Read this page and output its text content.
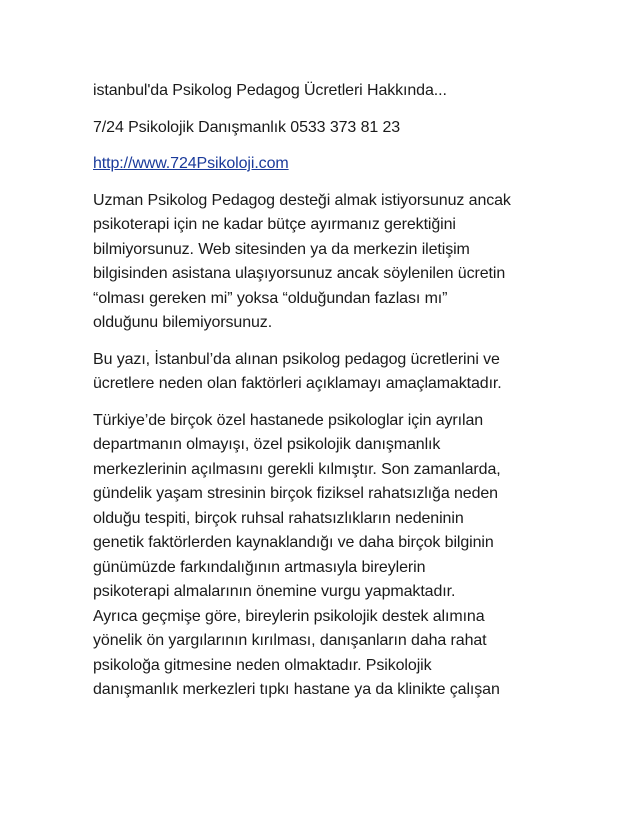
istanbul'da Psikolog Pedagog Ücretleri Hakkında...

7/24 Psikolojik Danışmanlık 0533 373 81 23

http://www.724Psikoloji.com

Uzman Psikolog Pedagog desteği almak istiyorsunuz ancak
psikoterapi için ne kadar bütçe ayırmanız gerektiğini
bilmiyorsunuz. Web sitesinden ya da merkezin iletişim
bilgisinden asistana ulaşıyorsunuz ancak söylenilen ücretin
“olması gereken mi” yoksa “olduğundan fazlası mı”
olduğunu bilemiyorsunuz.

Bu yazı, İstanbul’da alınan psikolog pedagog ücretlerini ve
ücretlere neden olan faktörleri açıklamayı amaçlamaktadır.

Türkiye’de birçok özel hastanede psikologlar için ayrılan
departmanın olmayışı, özel psikolojik danışmanlık
merkezlerinin açılmasını gerekli kılmıştır. Son zamanlarda,
gündelik yaşam stresinin birçok fiziksel rahatsızlığa neden
olduğu tespiti, birçok ruhsal rahatsızlıkların nedeninin
genetik faktörlerden kaynaklandığı ve daha birçok bilginin
günümüzde farkındalığının artmasıyla bireylerin
psikoterapi almalarının önemine vurgu yapmaktadır.
Ayrıca geçmişe göre, bireylerin psikolojik destek alımına
yönelik ön yargılarının kırılması, danışanların daha rahat
psikoloğa gitmesine neden olmaktadır. Psikolojik
danışmanlık merkezleri tıpkı hastane ya da klinikte çalışan
